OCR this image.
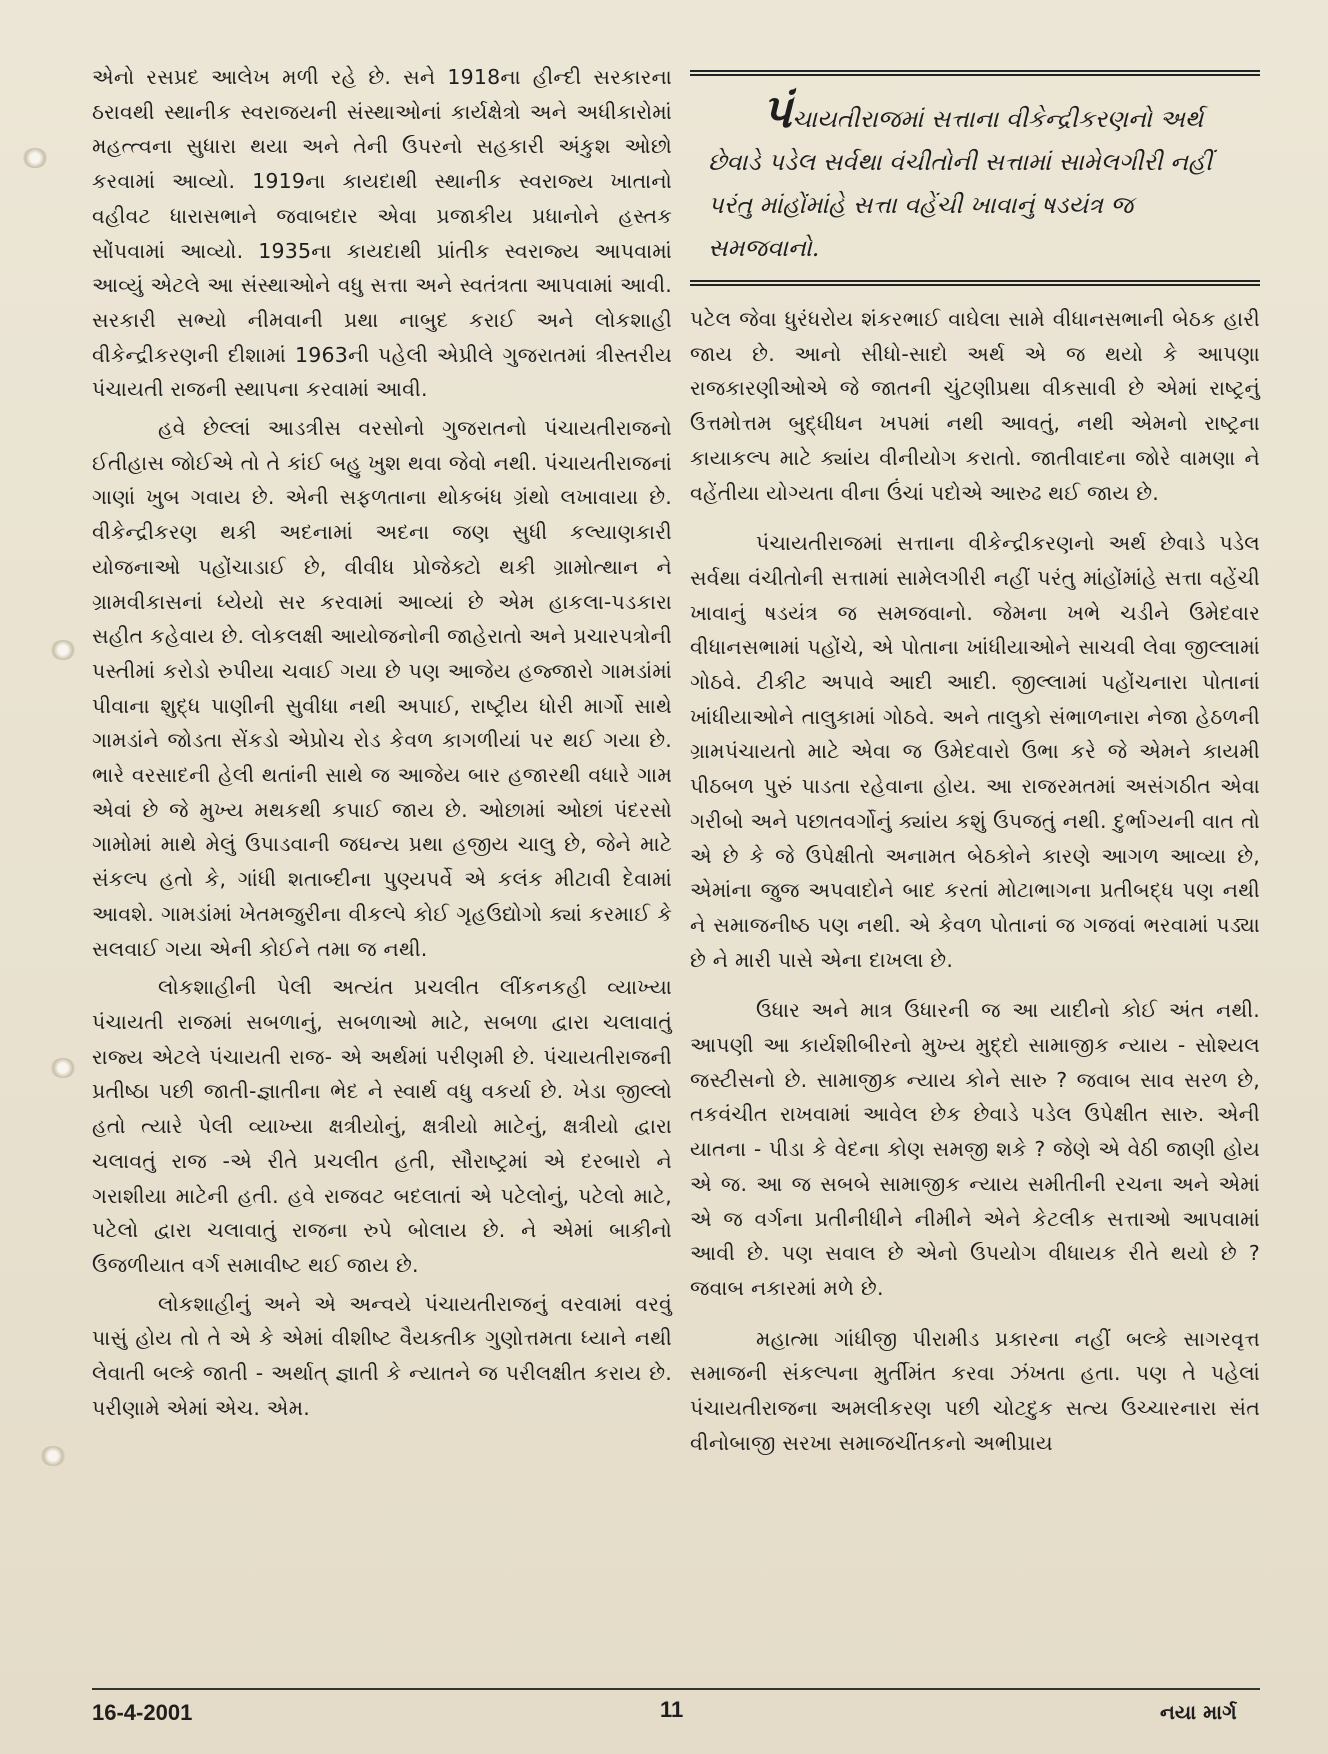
એનો રસપ્રદ આલેખ મળી રહે છે. સને 1918ના હીન્દી સરકારના ઠરાવથી સ્થાનીક સ્વરાજયની સંસ્થાઓનાં કાર્યક્ષેત્રો અને અધીકારોમાં મહત્ત્વના સુધારા થયા અને તેની ઉપરનો સહકારી અંકુશ ઓછો કરવામાં આવ્યો. 1919ના કાયદાથી સ્થાનીક સ્વરાજ્ય ખાતાનો વહીવટ ધારાસભાને જવાબદાર એવા પ્રજાકીય પ્રધાનોને હસ્તક સોંપવામાં આવ્યો. 1935ના કાયદાથી પ્રાંતીક સ્વરાજ્ય આપવામાં આવ્યું એટલે આ સંસ્થાઓને વધુ સત્તા અને સ્વતંત્રતા આપવામાં આવી. સરકારી સભ્યો નીમવાની પ્રથા નાબુદ કરાઈ અને લોકશાહી વીકેન્દ્રીકરણની દીશામાં 1963ની પહેલી એપ્રીલે ગુજરાતમાં ત્રીસ્તરીય પંચાયતી રાજની સ્થાપના કરવામાં આવી.

હવે છેલ્લાં આડત્રીસ વરસોનો ગુજરાતનો પંચાયતીરાજનો ઈતીહાસ જોઈએ તો તે કાંઈ બહુ ખુશ થવા જેવો નથી. પંચાયતીરાજનાં ગાણાં ખુબ ગવાય છે. એની સફળતાના થોકબંધ ગ્રંથો લખાવાયા છે. વીકેન્દ્રીકરણ થકી અદનામાં અદના જણ સુધી કલ્યાણકારી યોજનાઓ પહોંચાડાઈ છે, વીવીધ પ્રોજેક્ટો થકી ગ્રામોત્થાન ને ગ્રામવીકાસનાં ધ્યેયો સર કરવામાં આવ્યાં છે એમ હાકલા-પડકારા સહીત કહેવાય છે. લોકલક્ષી આયોજનોની જાહેરાતો અને પ્રચારપત્રોની પસ્તીમાં કરોડો રુપીયા ચવાઈ ગયા છે પણ આજેય હજ્જારો ગામડાંમાં પીવાના શુદ્ધ પાણીની સુવીધા નથી અપાઈ, રાષ્ટ્રીય ધોરી માર્ગો સાથે ગામડાંને જોડતા સેંકડો એપ્રોચ રોડ કેવળ કાગળીયાં પર થઈ ગયા છે. ભારે વરસાદની હેલી થતાંની સાથે જ આજેય બાર હજારથી વધારે ગામ એવાં છે જે મુખ્ય મથકથી કપાઈ જાય છે. ઓછામાં ઓછાં પંદરસો ગામોમાં માથે મેલું ઉપાડવાની જઘન્ય પ્રથા હજીય ચાલુ છે, જેને માટે સંકલ્પ હતો કે, ગાંધી શતાબ્દીના પુણ્યપર્વે એ કલંક મીટાવી દેવામાં આવશે. ગામડાંમાં ખેતમજુરીના વીકલ્પે કોઈ ગૃહઉદ્યોગો ક્યાં કરમાઈ કે સલવાઈ ગયા એની કોઈને તમા જ નથી.

લોકશાહીની પેલી અત્યંત પ્રચલીત લીંકનકહી વ્યાખ્યા પંચાયતી રાજમાં સબળાનું, સબળાઓ માટે, સબળા દ્વારા ચલાવાતું રાજ્ય એટલે પંચાયતી રાજ- એ અર્થમાં પરીણમી છે. પંચાયતીરાજની પ્રતીષ્ઠા પછી જાતી-જ્ઞાતીના ભેદ ને સ્વાર્થ વધુ વકર્યા છે. ખેડા જીલ્લો હતો ત્યારે પેલી વ્યાખ્યા ક્ષત્રીયોનું, ક્ષત્રીયો માટેનું, ક્ષત્રીયો દ્વારા ચલાવતું રાજ -એ રીતે પ્રચલીત હતી, સૌરાષ્ટ્રમાં એ દરબારો ને ગરાશીયા માટેની હતી. હવે રાજવટ બદલાતાં એ પટેલોનું, પટેલો માટે, પટેલો દ્વારા ચલાવાતું રાજના રુપે બોલાય છે. ને એમાં બાકીનો ઉજળીયાત વર્ગ સમાવીષ્ટ થઈ જાય છે.

લોકશાહીનું અને એ અન્વયે પંચાયતીરાજનું વરવામાં વરવું પાસું હોય તો તે એ કે એમાં વીશીષ્ટ વૈયક્તીક ગુણોત્તમતા ધ્યાને નથી લેવાતી બલ્કે જાતી - અર્થાત્ જ્ઞાતી કે ન્યાતને જ પરીલક્ષીત કરાય છે. પરીણામે એમાં એચ. એમ.

પંચાયતીરાજમાં સત્તાના વીકેન્દ્રીકરણનો અર્થ છેવાડે પડેલ સર્વથા વંચીતોની સત્તામાં સામેલગીરી નહીં પરંતુ માંહોંમાંહે સત્તા વહેંચી ખાવાનું ષડયંત્ર જ સમજવાનો.

પટેલ જેવા ધુરંધરોય શંકરભાઈ વાઘેલા સામે વીધાનસભાની બેઠક હારી જાય છે. આનો સીધો-સાદો અર્થ એ જ થયો કે આપણા રાજકારણીઓએ જે જાતની ચુંટણીપ્રથા વીકસાવી છે એમાં રાષ્ટ્રનું ઉત્તમોત્તમ બુદ્ધીધન ખપમાં નથી આવતું, નથી એમનો રાષ્ટ્રના કાયાકલ્પ માટે ક્યાંય વીનીયોગ કરાતો. જાતીવાદના જોરે વામણા ને વહેંતીયા યોગ્યતા વીના ઉંચાં પદોએ આરુઢ થઈ જાય છે.

પંચાયતીરાજમાં સત્તાના વીકેન્દ્રીકરણનો અર્થ છેવાડે પડેલ સર્વથા વંચીતોની સત્તામાં સામેલગીરી નહીં પરંતુ માંહોંમાંહે સત્તા વહેંચી ખાવાનું ષડયંત્ર જ સમજવાનો. જેમના ખભે ચડીને ઉમેદવાર વીધાનસભામાં પહોંચે, એ પોતાના ખાંધીયાઓને સાચવી લેવા જીલ્લામાં ગોઠવે. ટીકીટ અપાવે આદી આદી. જીલ્લામાં પહોંચનારા પોતાનાં ખાંધીયાઓને તાલુકામાં ગોઠવે. અને તાલુકો સંભાળનારા નેજા હેઠળની ગ્રામપંચાયતો માટે એવા જ ઉમેદવારો ઉભા કરે જે એમને કાયમી પીઠબળ પુરું પાડતા રહેવાના હોય. આ રાજરમતમાં અસંગઠીત એવા ગરીબો અને પછાતવર્ગોનું ક્યાંય કશું ઉપજતું નથી. દુર્ભાગ્યની વાત તો એ છે કે જે ઉપેક્ષીતો અનામત બેઠકોને કારણે આગળ આવ્યા છે, એમાંના જુજ અપવાદોને બાદ કરતાં મોટાભાગના પ્રતીબદ્ધ પણ નથી ને સમાજનીષ્ઠ પણ નથી. એ કેવળ પોતાનાં જ ગજવાં ભરવામાં પડ્યા છે ને મારી પાસે એના દાખલા છે.

ઉધાર અને માત્ર ઉધારની જ આ યાદીનો કોઈ અંત નથી. આપણી આ કાર્યશીબીરનો મુખ્ય મુદ્દો સામાજીક ન્યાય - સોશ્યલ જસ્ટીસનો છે. સામાજીક ન્યાય કોને સારુ ? જવાબ સાવ સરળ છે, તકવંચીત રાખવામાં આવેલ છેક છેવાડે પડેલ ઉપેક્ષીત સારુ. એની યાતના - પીડા કે વેદના કોણ સમજી શકે ? જેણે એ વેઠી જાણી હોય એ જ. આ જ સબબે સામાજીક ન્યાય સમીતીની રચના અને એમાં એ જ વર્ગના પ્રતીનીધીને નીમીને એને કેટલીક સત્તાઓ આપવામાં આવી છે. પણ સવાલ છે એનો ઉપયોગ વીધાયક રીતે થયો છે ? જવાબ નકારમાં મળે છે.

મહાત્મા ગાંધીજી પીરામીડ પ્રકારના નહીં બલ્કે સાગરવૃત્ત સમાજની સંકલ્પના મુર્તીમંત કરવા ઝંખતા હતા. પણ તે પહેલાં પંચાયતીરાજના અમલીકરણ પછી ચોટદુક સત્ય ઉચ્ચારનારા સંત વીનોબાજી સરખા સમાજચીંતકનો અભીપ્રાય

16-4-2001	11	નયા માર્ગ
